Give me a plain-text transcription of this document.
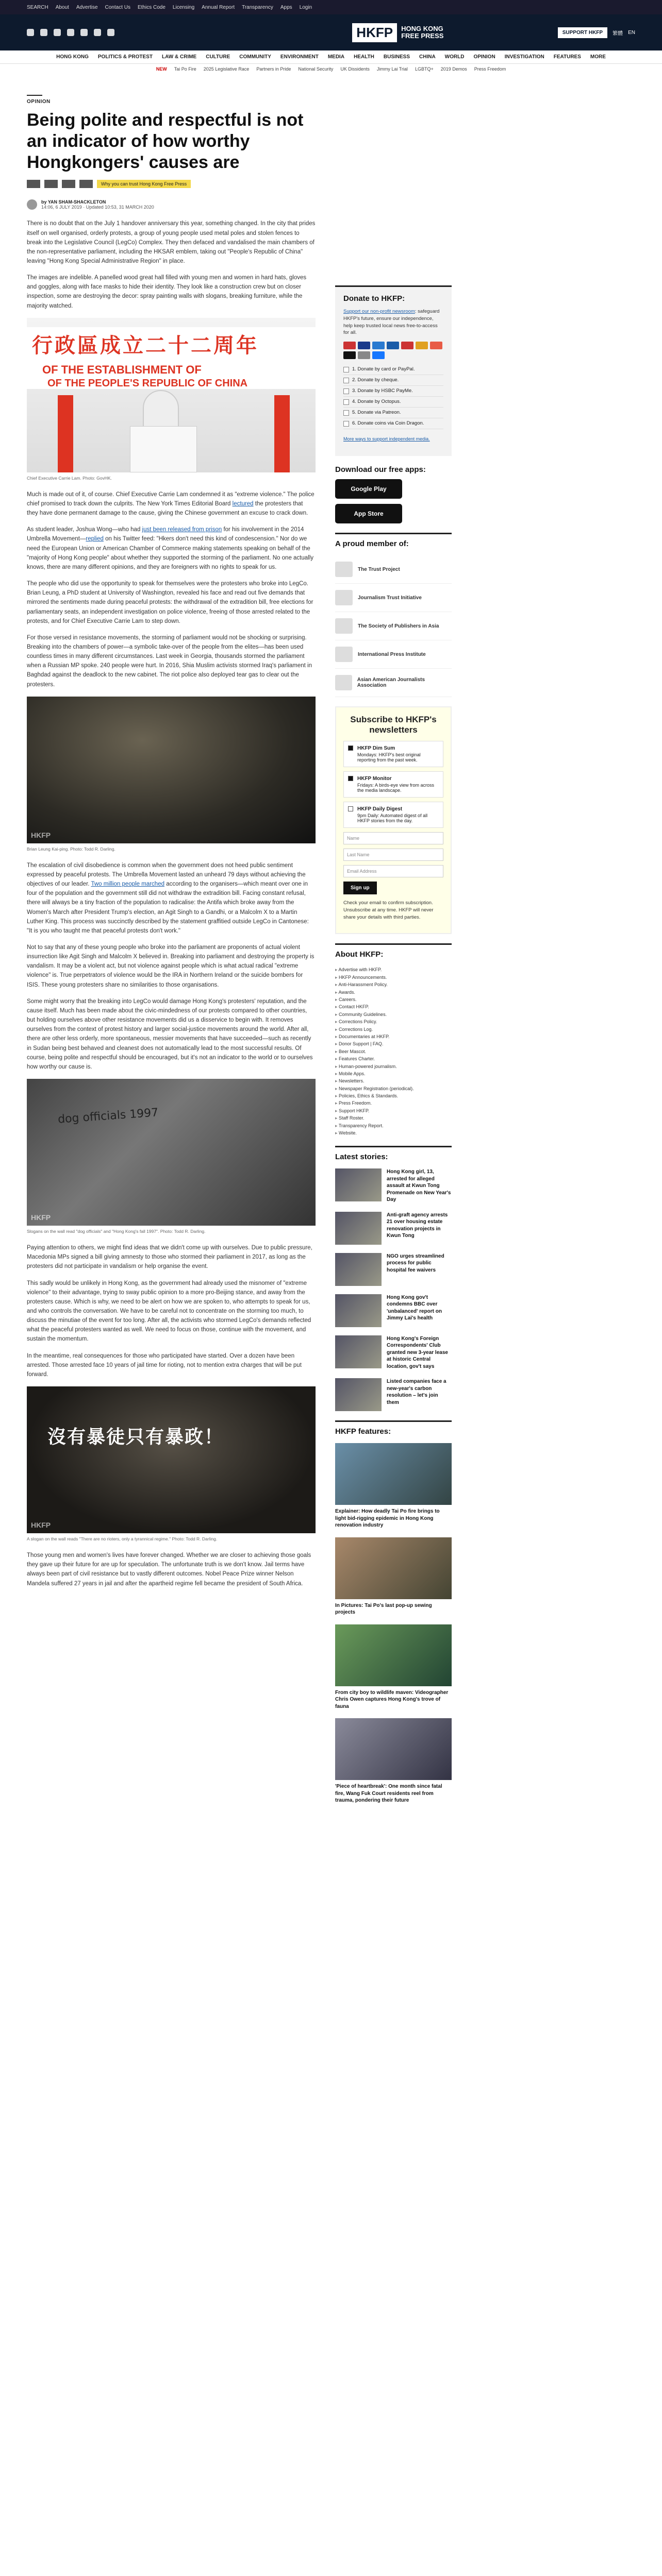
SEARCH About Advertise Contact Us Ethics Code Licensing Annual Report Transparency Apps Login
HKFP	HONG KONG
FREE PRESS	SUPPORT HKFP	繁體 EN
HONG KONG POLITICS & PROTEST LAW & CRIME CULTURE COMMUNITY ENVIRONMENT MEDIA HEALTH BUSINESS CHINA WORLD OPINION INVESTIGATION FEATURES MORE
NEW Tai Po Fire 2025 Legislative Race Partners in Pride National Security UK Dissidents Jimmy Lai Trial LGBTQ+ 2019 Demos Press Freedom
OPINION
Being polite and respectful is not an indicator of how worthy Hongkongers' causes are
Why you can trust Hong Kong Free Press
by YAN SHAM-SHACKLETON
14:06, 6 JULY 2019 · Updated 10:53, 31 MARCH 2020

There is no doubt that on the July 1 handover anniversary this year, something changed. In the city that prides itself on well organised, orderly protests, a group of young people used metal poles and stolen fences to break into the Legislative Council (LegCo) Complex. They then defaced and vandalised the main chambers of the non-representative parliament, including the HKSAR emblem, taking out "People's Republic of China" leaving "Hong Kong Special Administrative Region" in place.

The images are indelible. A panelled wood great hall filled with young men and women in hard hats, gloves and goggles, along with face masks to hide their identity. They look like a construction crew but on closer inspection, some are destroying the decor: spray painting walls with slogans, breaking furniture, while the majority watched.

行政區成立二十二周年
OF THE ESTABLISHMENT OF
OF THE PEOPLE'S REPUBLIC OF CHINA
Chief Executive Carrie Lam. Photo: GovHK.

Much is made out of it, of course. Chief Executive Carrie Lam condemned it as "extreme violence." The police chief promised to track down the culprits. The New York Times Editorial Board lectured the protesters that they have done permanent damage to the cause, giving the Chinese government an excuse to crack down.

As student leader, Joshua Wong—who had just been released from prison for his involvement in the 2014 Umbrella Movement—replied on his Twitter feed: "Hkers don't need this kind of condescension." Nor do we need the European Union or American Chamber of Commerce making statements speaking on behalf of the "majority of Hong Kong people" about whether they supported the storming of the parliament. No one actually knows, there are many different opinions, and they are foreigners with no rights to speak for us.

The people who did use the opportunity to speak for themselves were the protesters who broke into LegCo. Brian Leung, a PhD student at University of Washington, revealed his face and read out five demands that mirrored the sentiments made during peaceful protests: the withdrawal of the extradition bill, free elections for parliamentary seats, an independent investigation on police violence, freeing of those arrested related to the protests, and for Chief Executive Carrie Lam to step down.

For those versed in resistance movements, the storming of parliament would not be shocking or surprising. Breaking into the chambers of power—a symbolic take-over of the people from the elites—has been used countless times in many different circumstances. Last week in Georgia, thousands stormed the parliament when a Russian MP spoke. 240 people were hurt. In 2016, Shia Muslim activists stormed Iraq's parliament in Baghdad against the deadlock to the new cabinet. The riot police also deployed tear gas to clear out the protesters.

HKFP
Brian Leung Kai-ping. Photo: Todd R. Darling.

The escalation of civil disobedience is common when the government does not heed public sentiment expressed by peaceful protests. The Umbrella Movement lasted an unheard 79 days without achieving the objectives of our leader. Two million people marched according to the organisers—which meant over one in four of the population and the government still did not withdraw the extradition bill. Facing constant refusal, there will always be a tiny fraction of the population to radicalise: the Antifa which broke away from the Women's March after President Trump's election, an Agit Singh to a Gandhi, or a Malcolm X to a Martin Luther King. This process was succinctly described by the statement graffitied outside LegCo in Cantonese: "It is you who taught me that peaceful protests don't work."

Not to say that any of these young people who broke into the parliament are proponents of actual violent insurrection like Agit Singh and Malcolm X believed in. Breaking into parliament and destroying the property is vandalism. It may be a violent act, but not violence against people which is what actual radical "extreme violence" is. True perpetrators of violence would be the IRA in Northern Ireland or the suicide bombers for ISIS. These young protesters share no similarities to those organisations.

Some might worry that the breaking into LegCo would damage Hong Kong's protesters' reputation, and the cause itself. Much has been made about the civic-mindedness of our protests compared to other countries, but holding ourselves above other resistance movements did us a disservice to begin with. It removes ourselves from the context of protest history and larger social-justice movements around the world. After all, there are other less orderly, more spontaneous, messier movements that have succeeded—such as recently in Sudan being best behaved and cleanest does not automatically lead to the most successful results. Of course, being polite and respectful should be encouraged, but it's not an indicator to the world or to ourselves how worthy our cause is.

dog officials 1997
HKFP
Slogans on the wall read "dog officials" and "Hong Kong's fall 1997". Photo: Todd R. Darling.

Paying attention to others, we might find ideas that we didn't come up with ourselves. Due to public pressure, Macedonia MPs signed a bill giving amnesty to those who stormed their parliament in 2017, as long as the protesters did not participate in vandalism or help organise the event.

This sadly would be unlikely in Hong Kong, as the government had already used the misnomer of "extreme violence" to their advantage, trying to sway public opinion to a more pro-Beijing stance, and away from the protesters cause. Which is why, we need to be alert on how we are spoken to, who attempts to speak for us, and who controls the conversation. We have to be careful not to concentrate on the storming too much, to discuss the minutiae of the event for too long. After all, the activists who stormed LegCo's demands reflected what the peaceful protesters wanted as well. We need to focus on those, continue with the movement, and sustain the momentum.

In the meantime, real consequences for those who participated have started. Over a dozen have been arrested. Those arrested face 10 years of jail time for rioting, not to mention extra charges that will be put forward.

沒有暴徒只有暴政！
HKFP
A slogan on the wall reads "There are no rioters, only a tyrannical regime." Photo: Todd R. Darling.

Those young men and women's lives have forever changed. Whether we are closer to achieving those goals they gave up their future for are up for speculation. The unfortunate truth is we don't know. Jail terms have always been part of civil resistance but to vastly different outcomes. Nobel Peace Prize winner Nelson Mandela suffered 27 years in jail and after the apartheid regime fell became the president of South Africa.

Donate to HKFP:
Support our non-profit newsroom: safeguard HKFP's future, ensure our independence, help keep trusted local news free-to-access for all.
1. Donate by card or PayPal.
2. Donate by cheque.
3. Donate by HSBC PayMe.
4. Donate by Octopus.
5. Donate via Patreon.
6. Donate coins via Coin Dragon.
More ways to support independent media.
Download our free apps:
Google Play
App Store
A proud member of:
The Trust Project
Journalism Trust Initiative
The Society of Publishers in Asia
International Press Institute
Asian American Journalists Association
Subscribe to HKFP's newsletters
HKFP Dim Sum
Mondays: HKFP's best original reporting from the past week.
HKFP Monitor
Fridays: A birds-eye view from across the media landscape.
HKFP Daily Digest
9pm Daily: Automated digest of all HKFP stories from the day.
Name
Last Name
Email Address
Sign up
Check your email to confirm subscription. Unsubscribe at any time. HKFP will never share your details with third parties.
About HKFP:
▸ Advertise with HKFP.
▸ HKFP Announcements.
▸ Anti-Harassment Policy.
▸ Awards.
▸ Careers.
▸ Contact HKFP.
▸ Community Guidelines.
▸ Corrections Policy.
▸ Corrections Log.
▸ Documentaries at HKFP.
▸ Donor Support | FAQ.
▸ Beer Mascot.
▸ Features Charter.
▸ Human-powered journalism.
▸ Mobile Apps.
▸ Newsletters.
▸ Newspaper Registration (periodical).
▸ Policies, Ethics & Standards.
▸ Press Freedom.
▸ Support HKFP.
▸ Staff Roster.
▸ Transparency Report.
▸ Website.
Latest stories:
Hong Kong girl, 13, arrested for alleged assault at Kwun Tong Promenade on New Year's Day
Anti-graft agency arrests 21 over housing estate renovation projects in Kwun Tong
NGO urges streamlined process for public hospital fee waivers
Hong Kong gov't condemns BBC over 'unbalanced' report on Jimmy Lai's health
Hong Kong's Foreign Correspondents' Club granted new 3-year lease at historic Central location, gov't says
Listed companies face a new-year's carbon resolution – let's join them
HKFP features:
Explainer: How deadly Tai Po fire brings to light bid-rigging epidemic in Hong Kong renovation industry
In Pictures: Tai Po's last pop-up sewing projects
From city boy to wildlife maven: Videographer Chris Owen captures Hong Kong's trove of fauna
'Piece of heartbreak': One month since fatal fire, Wang Fuk Court residents reel from trauma, pondering their future
